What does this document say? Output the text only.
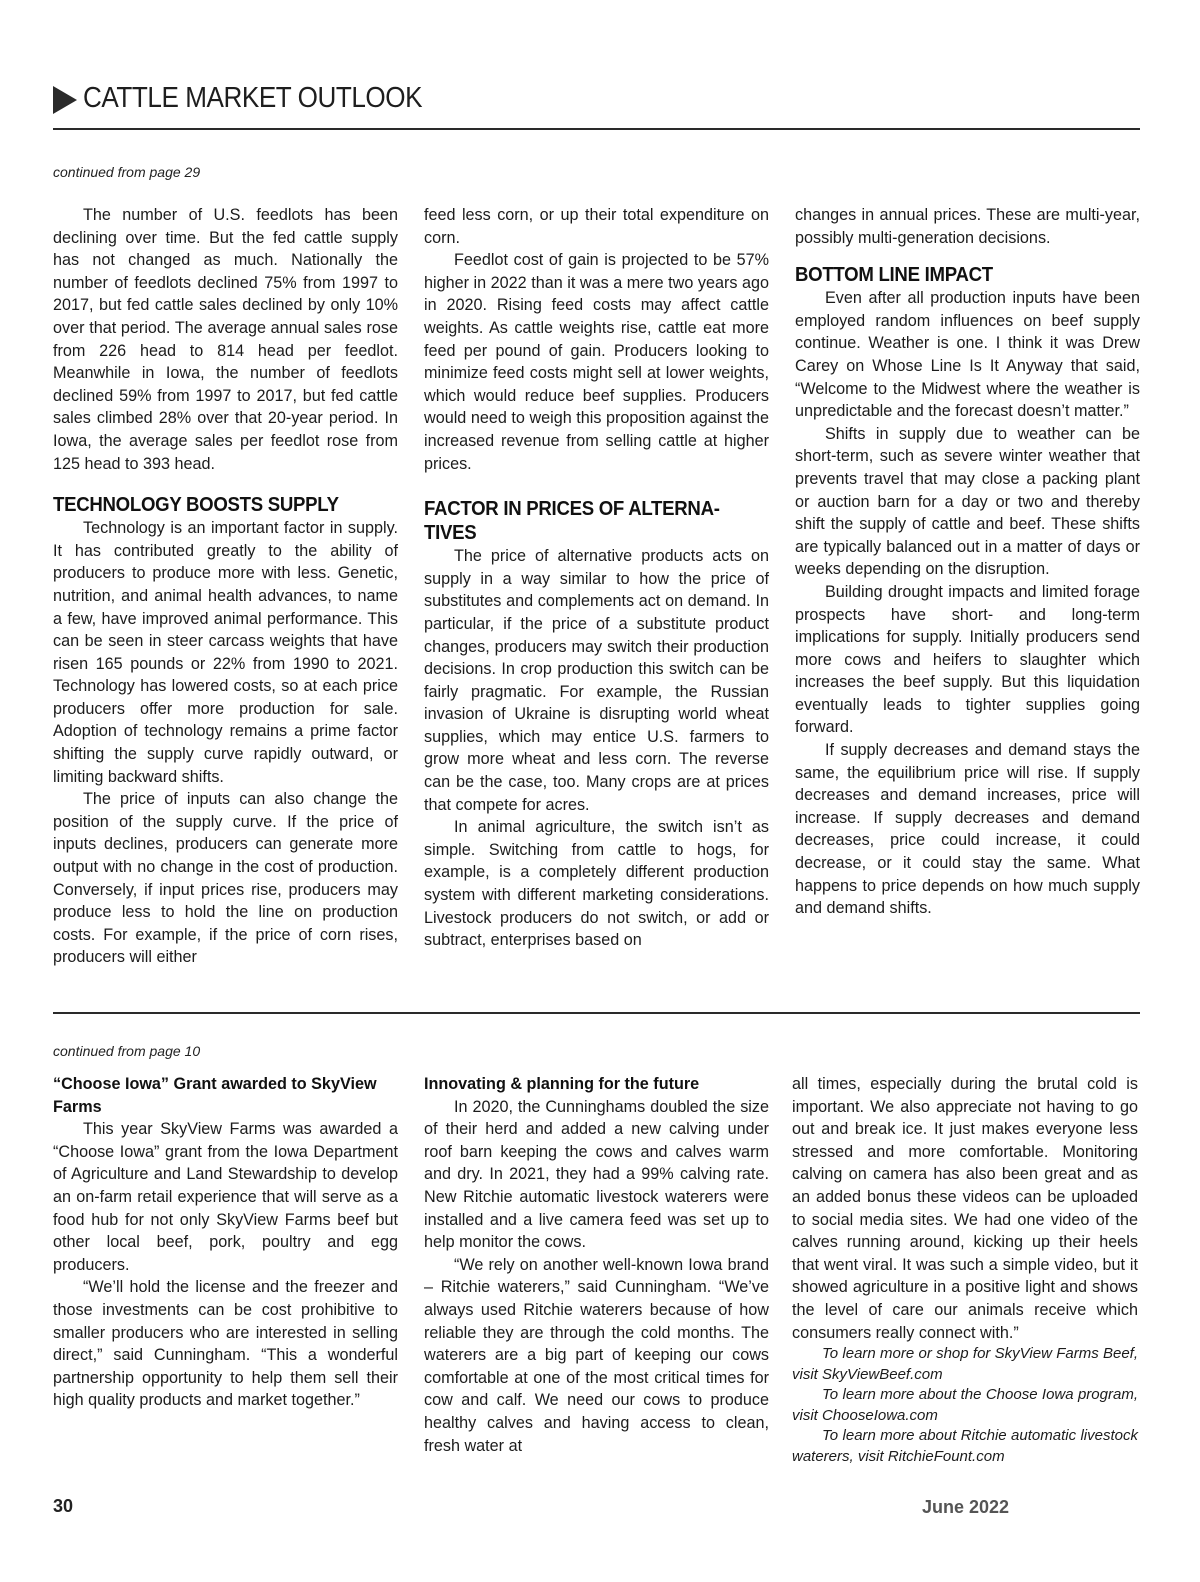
CATTLE MARKET OUTLOOK
continued from page 29

The number of U.S. feedlots has been declining over time. But the fed cattle supply has not changed as much. Nationally the number of feedlots declined 75% from 1997 to 2017, but fed cattle sales declined by only 10% over that period. The average annual sales rose from 226 head to 814 head per feedlot. Meanwhile in Iowa, the number of feedlots declined 59% from 1997 to 2017, but fed cattle sales climbed 28% over that 20-year period. In Iowa, the average sales per feedlot rose from 125 head to 393 head.

TECHNOLOGY BOOSTS SUPPLY

Technology is an important factor in supply. It has contributed greatly to the ability of producers to produce more with less. Genetic, nutrition, and animal health advances, to name a few, have improved animal performance. This can be seen in steer carcass weights that have risen 165 pounds or 22% from 1990 to 2021. Technology has lowered costs, so at each price producers offer more production for sale. Adoption of technology remains a prime factor shifting the supply curve rapidly outward, or limiting backward shifts.

The price of inputs can also change the position of the supply curve. If the price of inputs declines, producers can generate more output with no change in the cost of production. Conversely, if input prices rise, producers may produce less to hold the line on production costs. For example, if the price of corn rises, producers will either

feed less corn, or up their total expenditure on corn.

Feedlot cost of gain is projected to be 57% higher in 2022 than it was a mere two years ago in 2020. Rising feed costs may affect cattle weights. As cattle weights rise, cattle eat more feed per pound of gain. Producers looking to minimize feed costs might sell at lower weights, which would reduce beef supplies. Producers would need to weigh this proposition against the increased revenue from selling cattle at higher prices.

FACTOR IN PRICES OF ALTERNA-TIVES

The price of alternative products acts on supply in a way similar to how the price of substitutes and complements act on demand. In particular, if the price of a substitute product changes, producers may switch their production decisions. In crop production this switch can be fairly pragmatic. For example, the Russian invasion of Ukraine is disrupting world wheat supplies, which may entice U.S. farmers to grow more wheat and less corn. The reverse can be the case, too. Many crops are at prices that compete for acres.

In animal agriculture, the switch isn’t as simple. Switching from cattle to hogs, for example, is a completely different production system with different marketing considerations. Livestock producers do not switch, or add or subtract, enterprises based on

changes in annual prices. These are multi-year, possibly multi-generation decisions.

BOTTOM LINE IMPACT

Even after all production inputs have been employed random influences on beef supply continue. Weather is one. I think it was Drew Carey on Whose Line Is It Anyway that said, “Welcome to the Midwest where the weather is unpredictable and the forecast doesn’t matter.”

Shifts in supply due to weather can be short-term, such as severe winter weather that prevents travel that may close a packing plant or auction barn for a day or two and thereby shift the supply of cattle and beef. These shifts are typically balanced out in a matter of days or weeks depending on the disruption.

Building drought impacts and limited forage prospects have short- and long-term implications for supply. Initially producers send more cows and heifers to slaughter which increases the beef supply. But this liquidation eventually leads to tighter supplies going forward.

If supply decreases and demand stays the same, the equilibrium price will rise. If supply decreases and demand increases, price will increase. If supply decreases and demand decreases, price could increase, it could decrease, or it could stay the same. What happens to price depends on how much supply and demand shifts.

continued from page 10
“Choose Iowa” Grant awarded to SkyView Farms

This year SkyView Farms was awarded a “Choose Iowa” grant from the Iowa Department of Agriculture and Land Stewardship to develop an on-farm retail experience that will serve as a food hub for not only SkyView Farms beef but other local beef, pork, poultry and egg producers.

“We’ll hold the license and the freezer and those investments can be cost prohibitive to smaller producers who are interested in selling direct,” said Cunningham. “This a wonderful partnership opportunity to help them sell their high quality products and market together.”

Innovating & planning for the future

In 2020, the Cunninghams doubled the size of their herd and added a new calving under roof barn keeping the cows and calves warm and dry. In 2021, they had a 99% calving rate. New Ritchie automatic livestock waterers were installed and a live camera feed was set up to help monitor the cows.

“We rely on another well-known Iowa brand – Ritchie waterers,” said Cunningham. “We’ve always used Ritchie waterers because of how reliable they are through the cold months. The waterers are a big part of keeping our cows comfortable at one of the most critical times for cow and calf. We need our cows to produce healthy calves and having access to clean, fresh water at

all times, especially during the brutal cold is important. We also appreciate not having to go out and break ice. It just makes everyone less stressed and more comfortable. Monitoring calving on camera has also been great and as an added bonus these videos can be uploaded to social media sites. We had one video of the calves running around, kicking up their heels that went viral. It was such a simple video, but it showed agriculture in a positive light and shows the level of care our animals receive which consumers really connect with.”

To learn more or shop for SkyView Farms Beef, visit SkyViewBeef.com

To learn more about the Choose Iowa program, visit ChooseIowa.com

To learn more about Ritchie automatic livestock waterers, visit RitchieFount.com

30	June 2022
